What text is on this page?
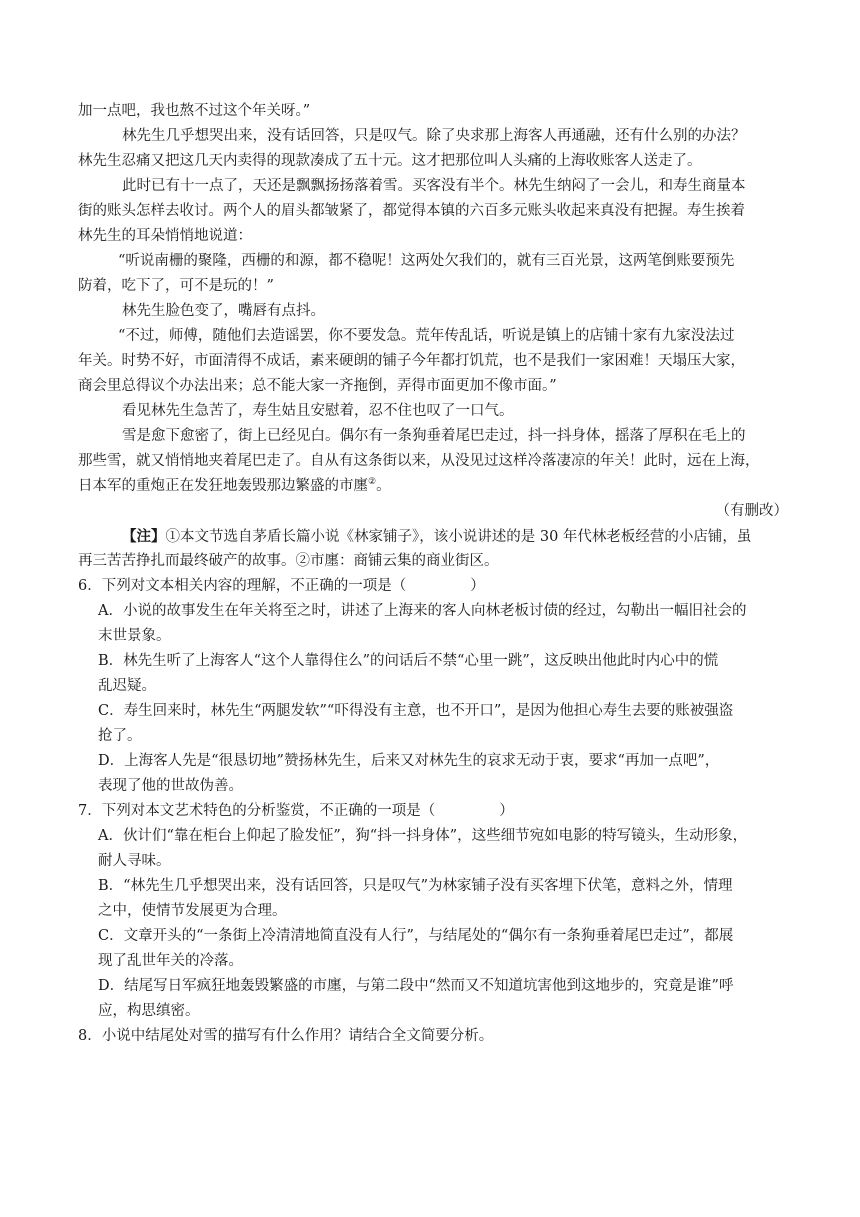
加一点吧，我也熬不过这个年关呀。”
林先生几乎想哭出来，没有话回答，只是叹气。除了央求那上海客人再通融，还有什么别的办法？
林先生忍痛又把这几天内卖得的现款凑成了五十元。这才把那位叫人头痛的上海收账客人送走了。
此时已有十一点了，天还是飘飘扬扬落着雪。买客没有半个。林先生纳闷了一会儿，和寿生商量本
街的账头怎样去收讨。两个人的眉头都皱紧了，都觉得本镇的六百多元账头收起来真没有把握。寿生挨着
林先生的耳朵悄悄地说道：
“听说南栅的聚隆，西栅的和源，都不稳呢！这两处欠我们的，就有三百光景，这两笔倒账要预先
防着，吃下了，可不是玩的！”
林先生脸色变了，嘴唇有点抖。
“不过，师傅，随他们去造谣罢，你不要发急。荒年传乱话，听说是镇上的店铺十家有九家没法过
年关。时势不好，市面清得不成话，素来硬朗的铺子今年都打饥荒，也不是我们一家困难！天塌压大家，
商会里总得议个办法出来；总不能大家一齐拖倒，弄得市面更加不像市面。”
看见林先生急苦了，寿生姑且安慰着，忍不住也叹了一口气。
雪是愈下愈密了，街上已经见白。偶尔有一条狗垂着尾巴走过，抖一抖身体，摇落了厚积在毛上的
那些雪，就又悄悄地夹着尾巴走了。自从有这条街以来，从没见过这样冷落凄凉的年关！此时，远在上海，
日本军的重炮正在发狂地轰毁那边繁盛的市廛②。
（有删改）
【注】①本文节选自茅盾长篇小说《林家铺子》，该小说讲述的是 30 年代林老板经营的小店铺，虽
再三苦苦挣扎而最终破产的故事。②市廛：商铺云集的商业街区。
6．下列对文本相关内容的理解，不正确的一项是（	）
A．小说的故事发生在年关将至之时，讲述了上海来的客人向林老板讨债的经过，勾勒出一幅旧社会的
末世景象。
B．林先生听了上海客人“这个人靠得住么”的问话后不禁“心里一跳”，这反映出他此时内心中的慌
乱迟疑。
C．寿生回来时，林先生“两腿发软”“吓得没有主意，也不开口”，是因为他担心寿生去要的账被强盗
抢了。
D．上海客人先是“很恳切地”赞扬林先生，后来又对林先生的哀求无动于衷，要求“再加一点吧”，
表现了他的世故伪善。
7．下列对本文艺术特色的分析鉴赏，不正确的一项是（	）
A．伙计们“靠在柜台上仰起了脸发怔”，狗“抖一抖身体”，这些细节宛如电影的特写镜头，生动形象，
耐人寻味。
B．“林先生几乎想哭出来，没有话回答，只是叹气”为林家铺子没有买客埋下伏笔，意料之外，情理
之中，使情节发展更为合理。
C．文章开头的“一条街上冷清清地简直没有人行”，与结尾处的“偶尔有一条狗垂着尾巴走过”，都展
现了乱世年关的冷落。
D．结尾写日军疯狂地轰毁繁盛的市廛，与第二段中“然而又不知道坑害他到这地步的，究竟是谁”呼
应，构思缜密。
8．小说中结尾处对雪的描写有什么作用？请结合全文简要分析。
